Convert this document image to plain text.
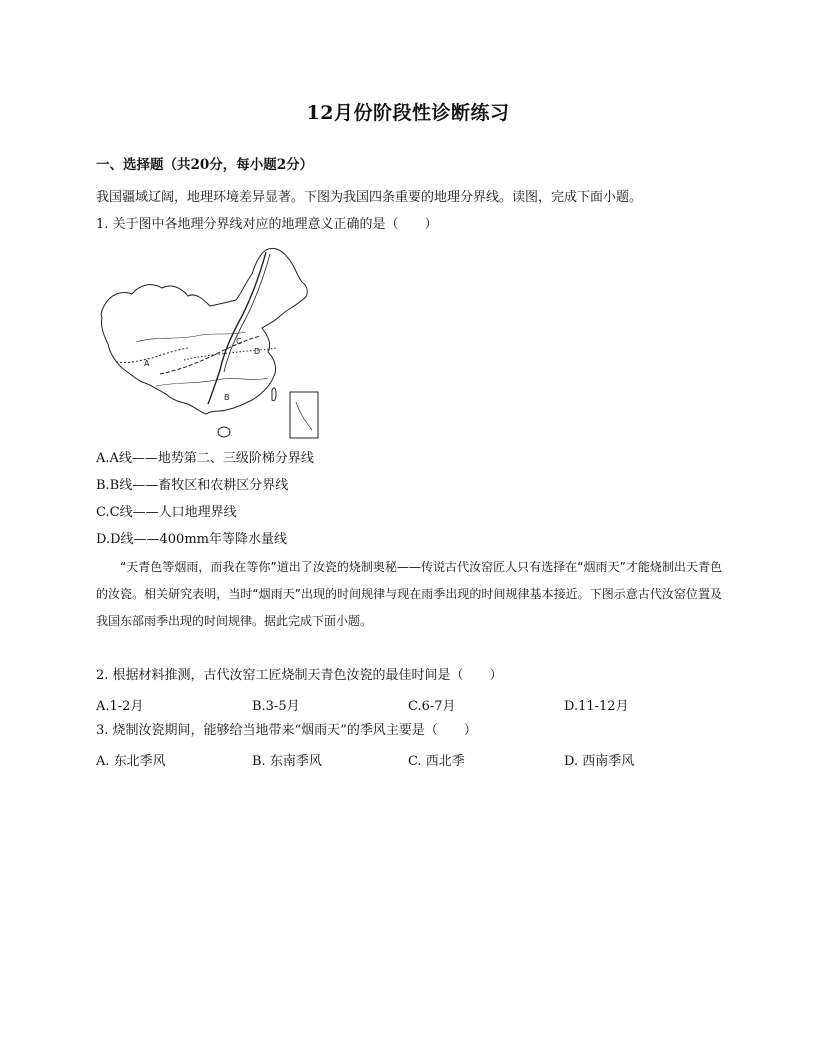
12月份阶段性诊断练习
一、选择题（共20分，每小题2分）
我国疆域辽阔，地理环境差异显著。下图为我国四条重要的地理分界线。读图，完成下面小题。
1. 关于图中各地理分界线对应的地理意义正确的是（　　）
A
B
C
D
A.A线——地势第二、三级阶梯分界线
B.B线——畜牧区和农耕区分界线
C.C线——人口地理界线
D.D线——400mm年等降水量线
“天青色等烟雨，而我在等你”道出了汝瓷的烧制奥秘——传说古代汝窑匠人只有选择在“烟雨天”才能烧制出天青色的汝瓷。相关研究表明，当时“烟雨天”出现的时间规律与现在雨季出现的时间规律基本接近。下图示意古代汝窑位置及我国东部雨季出现的时间规律。据此完成下面小题。
2. 根据材料推测，古代汝窑工匠烧制天青色汝瓷的最佳时间是（　　）
A.1-2月	B.3-5月	C.6-7月	D.11-12月
3. 烧制汝瓷期间，能够给当地带来“烟雨天”的季风主要是（　　）
A. 东北季风	B. 东南季风	C. 西北季	D. 西南季风
